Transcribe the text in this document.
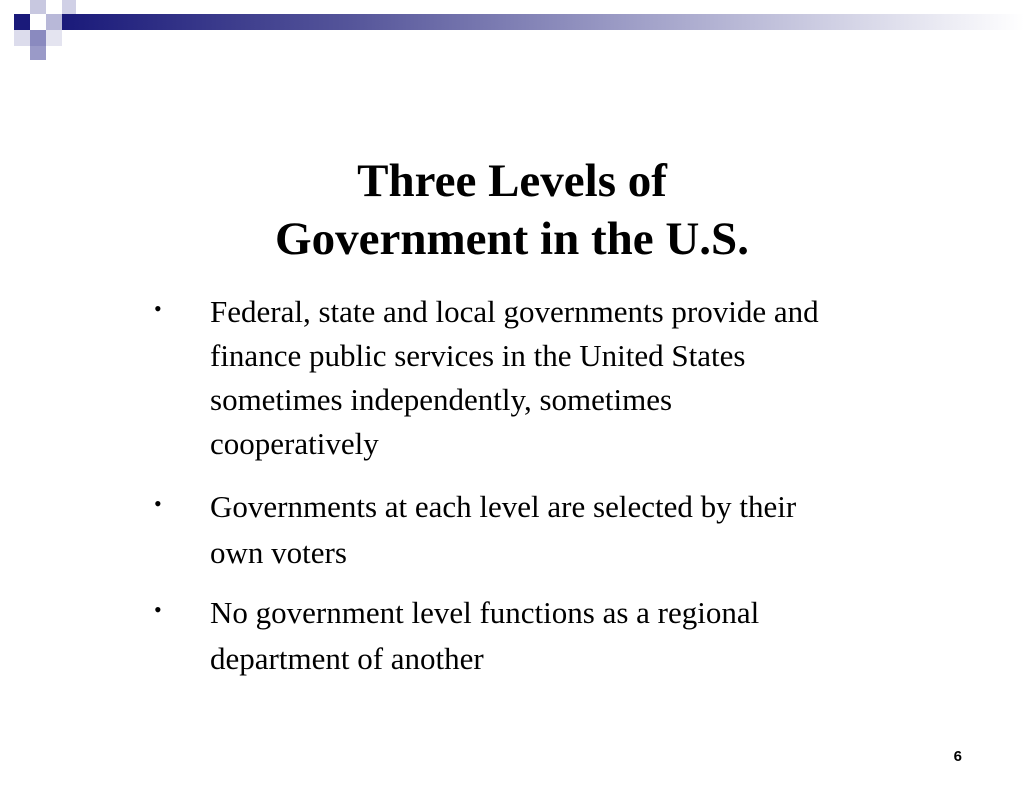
Three Levels of
Government in the U.S.
• Federal, state and local governments provide and finance public services in the United States sometimes independently, sometimes cooperatively
• Governments at each level are selected by their own voters
• No government level functions as a regional department of another
6
